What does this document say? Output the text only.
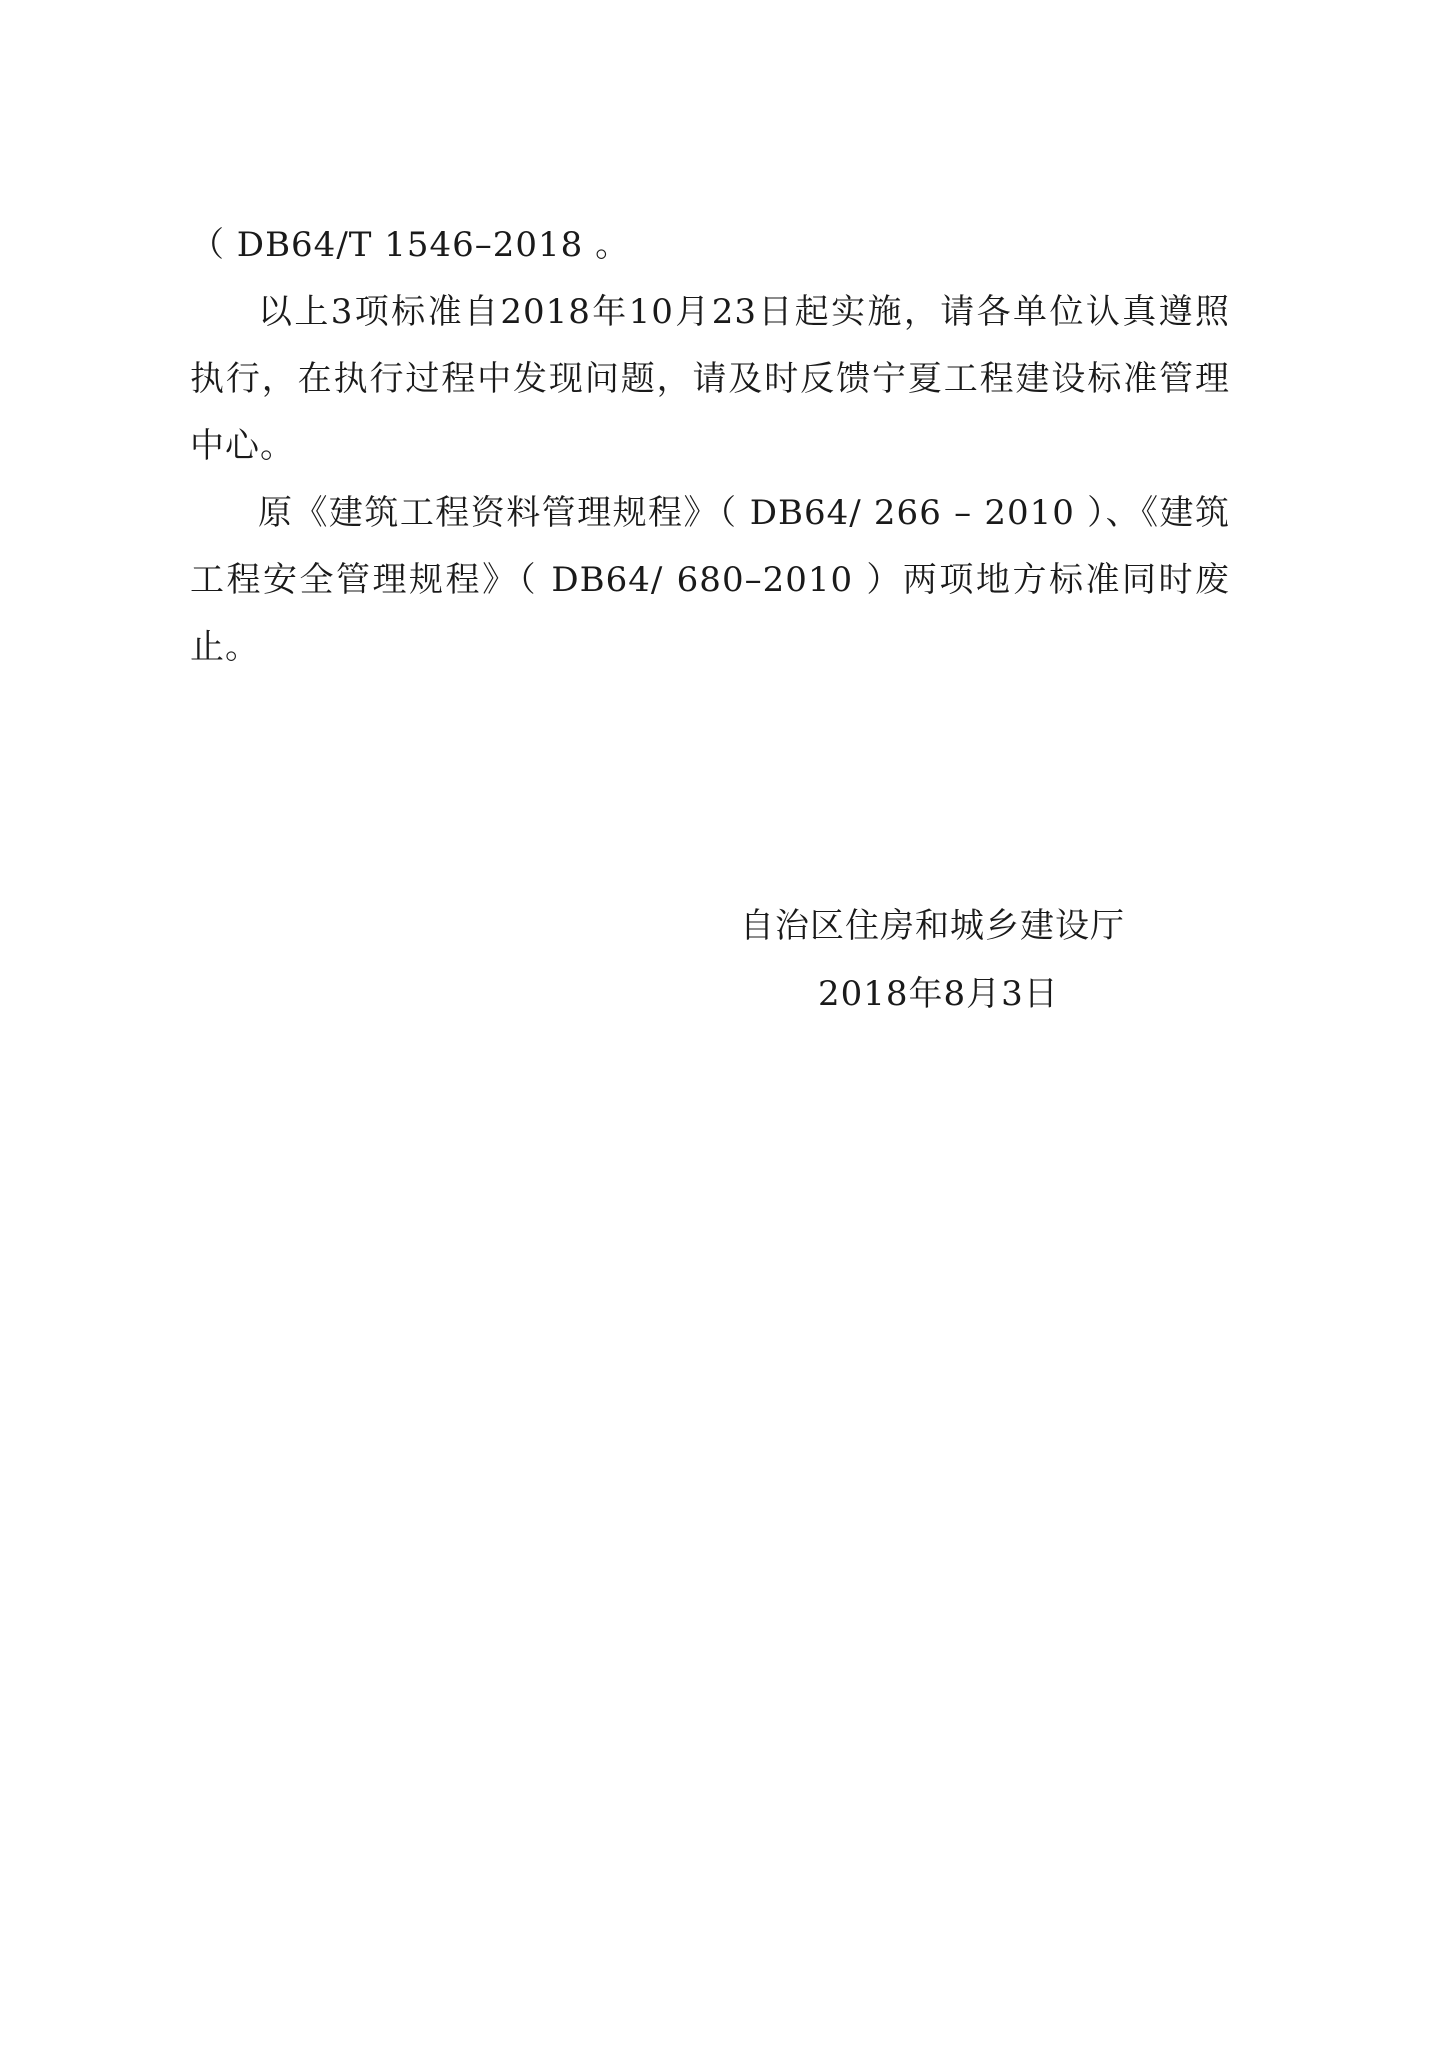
（ DB64/T 1546–2018 。

以上3项标准自2018年10月23日起实施，请各单位认真遵照执行，在执行过程中发现问题，请及时反馈宁夏工程建设标准管理中心。

原《建筑工程资料管理规程》（ DB64/ 266 – 2010 ）、《建筑工程安全管理规程》（ DB64/ 680–2010 ）两项地方标准同时废止。

自治区住房和城乡建设厅

2018年8月3日
